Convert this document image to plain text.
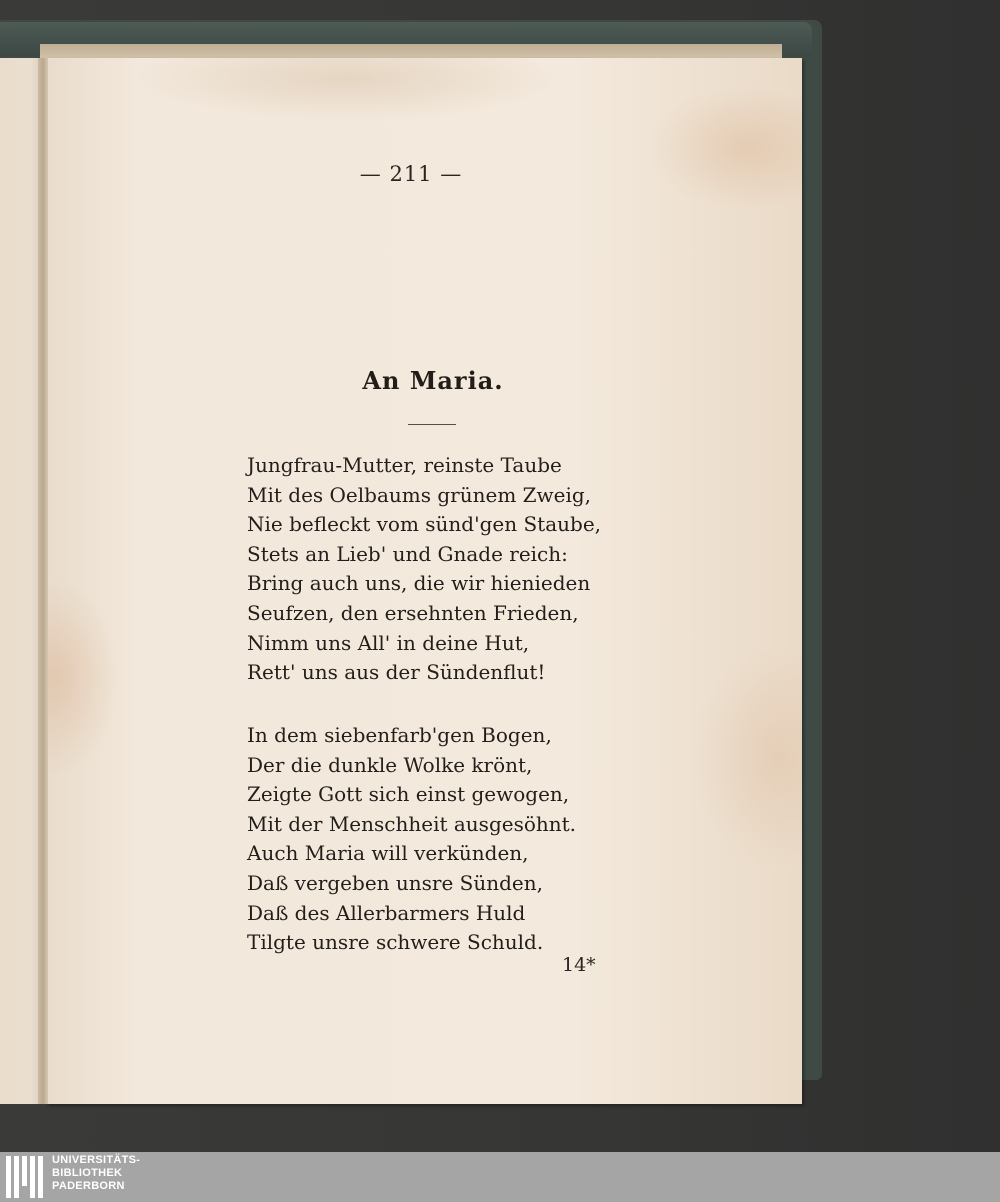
— 211 —
An Maria.
Jungfrau-Mutter, reinste Taube
Mit des Oelbaums grünem Zweig,
Nie befleckt vom sünd'gen Staube,
Stets an Lieb' und Gnade reich:
Bring auch uns, die wir hienieden
Seufzen, den ersehnten Frieden,
Nimm uns All' in deine Hut,
Rett' uns aus der Sündenflut!
In dem siebenfarb'gen Bogen,
Der die dunkle Wolke krönt,
Zeigte Gott sich einst gewogen,
Mit der Menschheit ausgesöhnt.
Auch Maria will verkünden,
Daß vergeben unsre Sünden,
Daß des Allerbarmers Huld
Tilgte unsre schwere Schuld.
14*
UNIVERSITÄTS-
BIBLIOTHEK
PADERBORN
